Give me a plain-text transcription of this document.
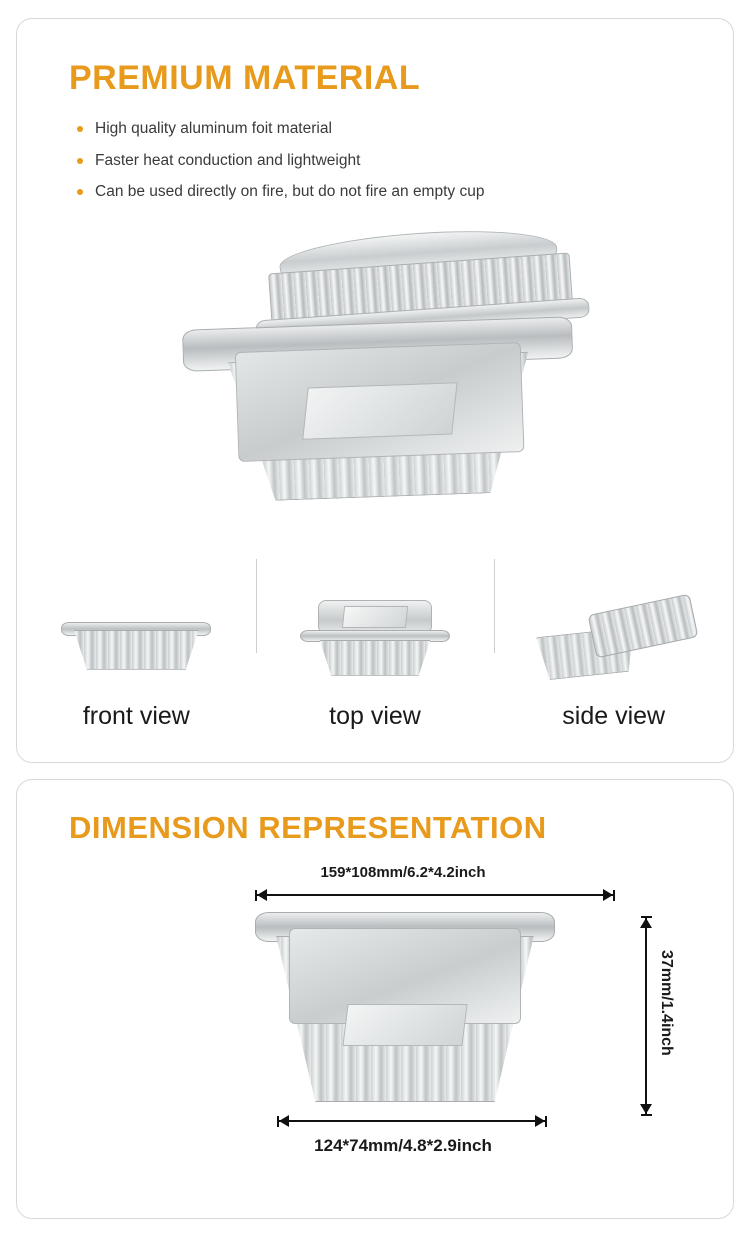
PREMIUM MATERIAL
High quality aluminum foit material
Faster heat conduction and lightweight
Can be used directly on fire, but do not fire an empty cup
front view	top view	side view
DIMENSION REPRESENTATION
159*108mm/6.2*4.2inch
37mm/1.4inch
124*74mm/4.8*2.9inch
